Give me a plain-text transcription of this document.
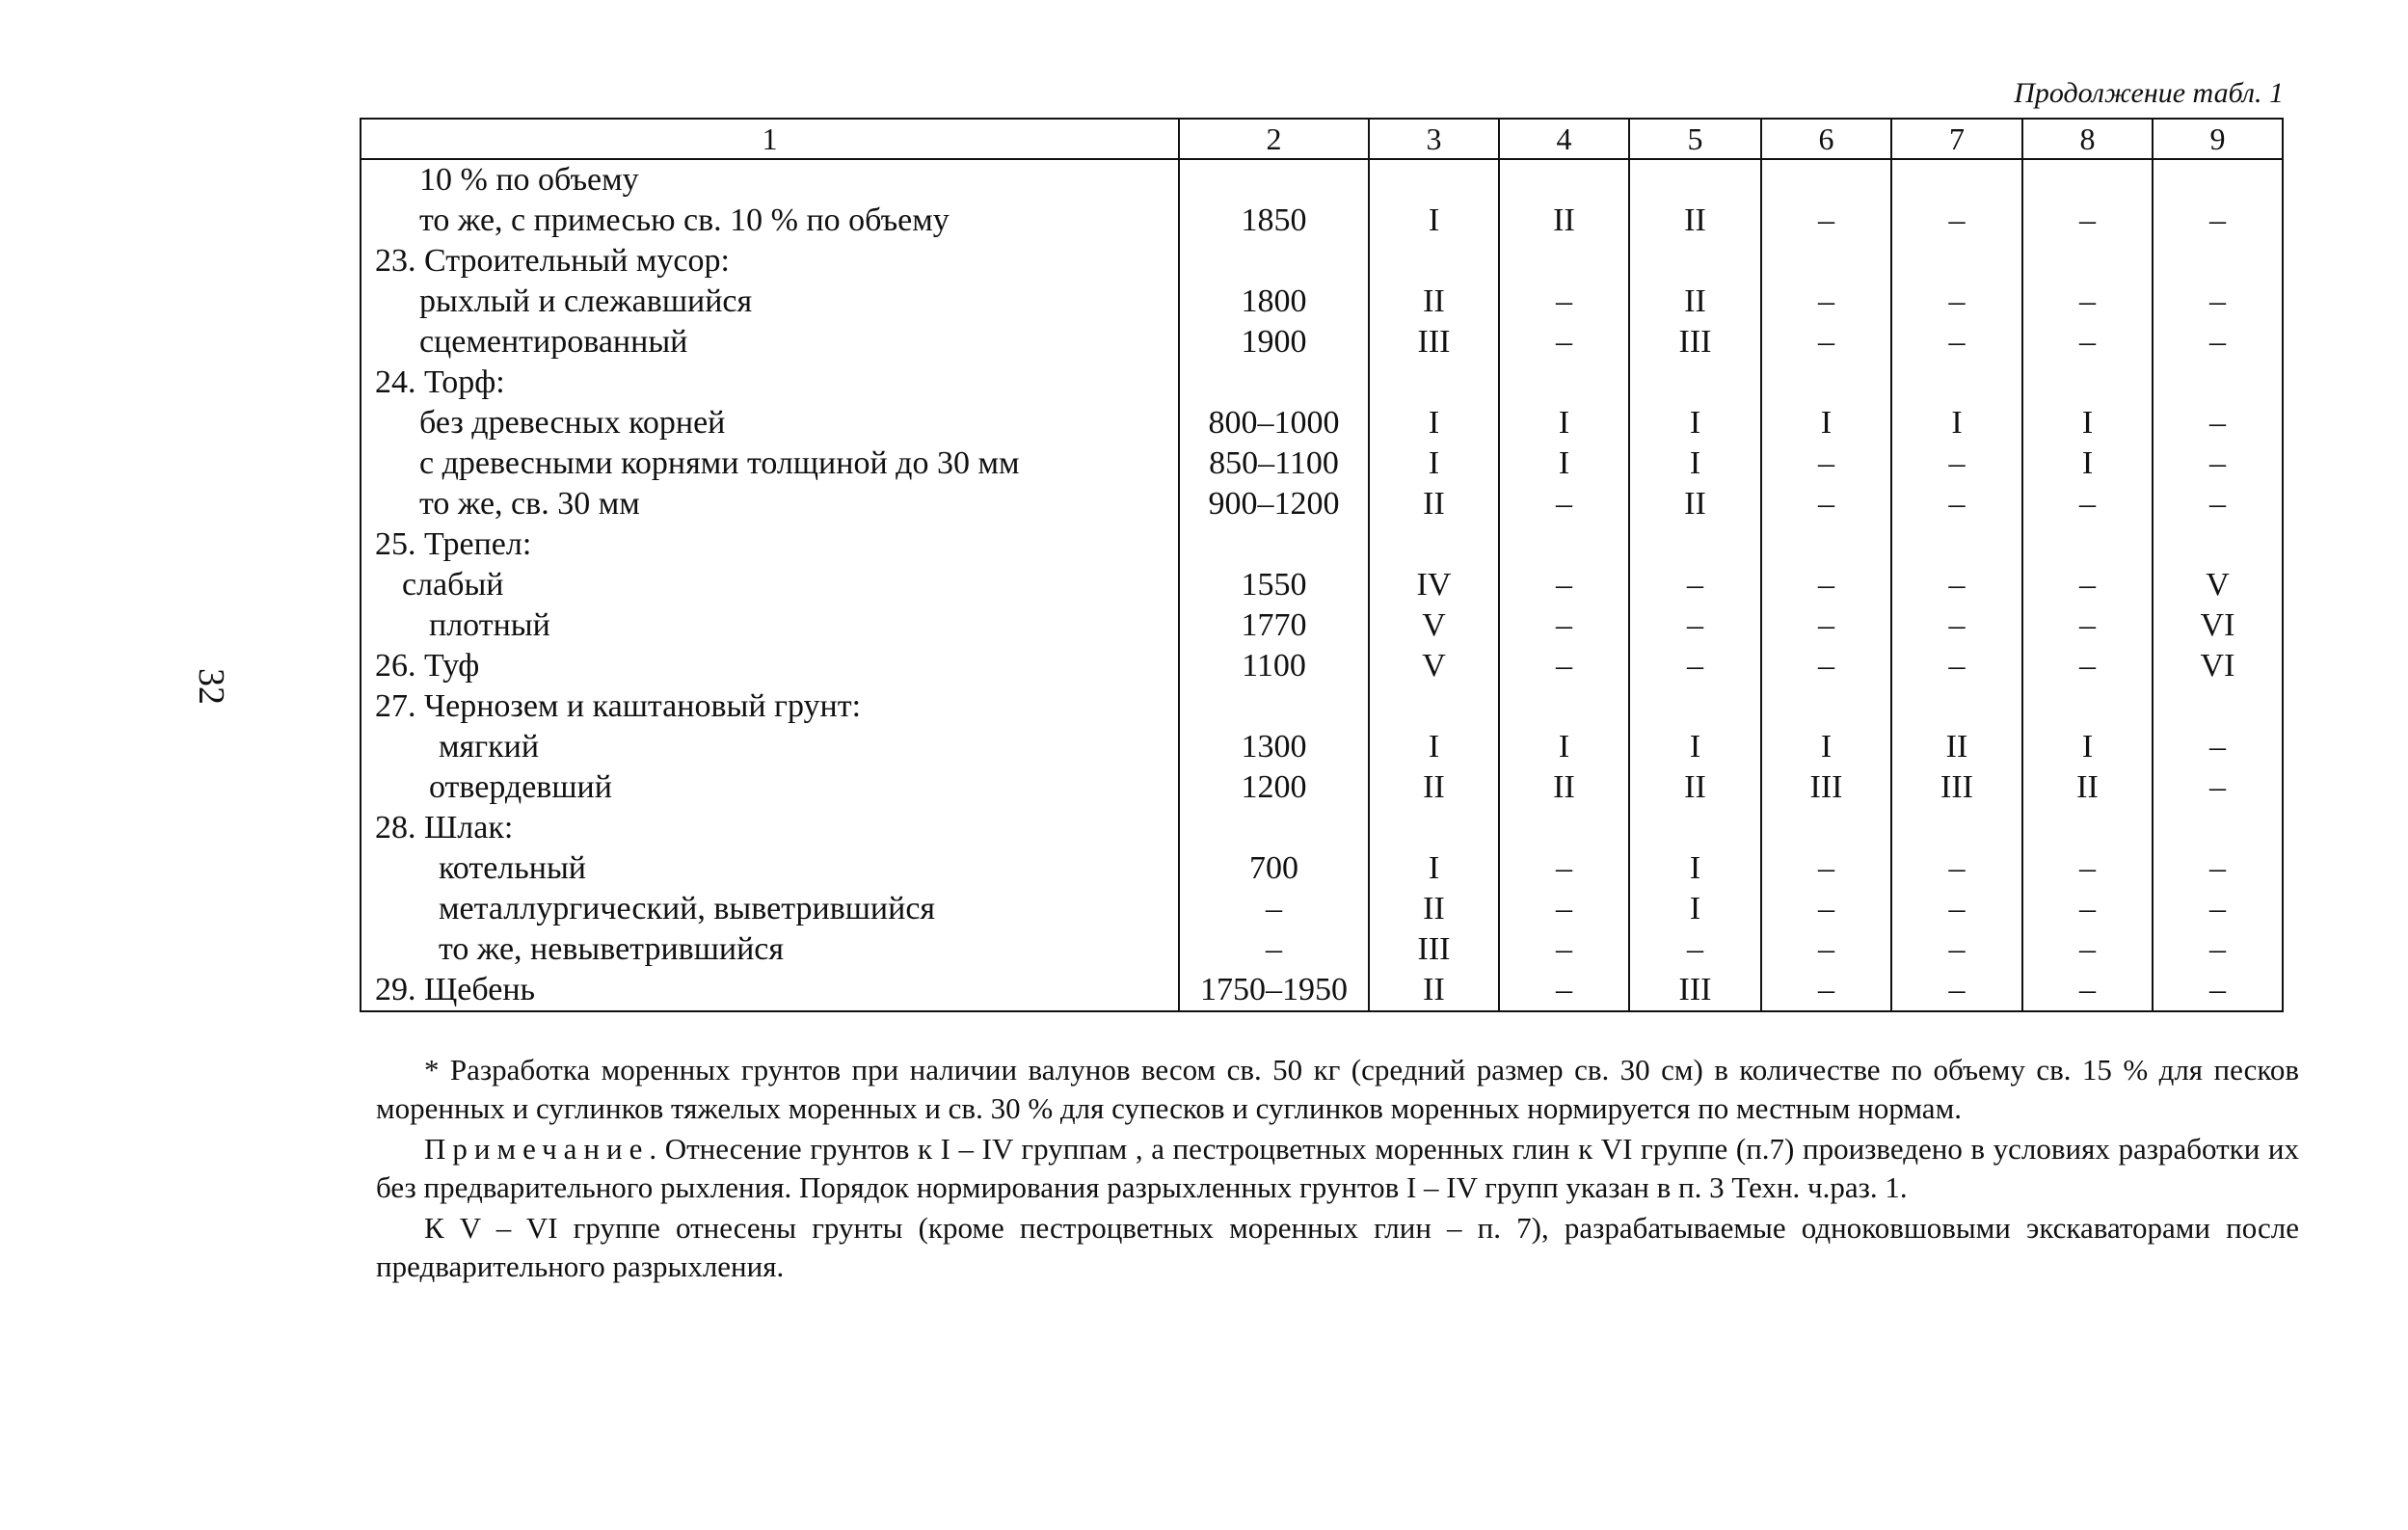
32
Продолжение табл. 1
1	2	3	4	5	6	7	8	9
10 % по объему								
то же, с примесью св. 10 % по объему	1850	I	II	II	–	–	–	–
23. Строительный мусор:								
рыхлый и слежавшийся	1800	II	–	II	–	–	–	–
сцементированный	1900	III	–	III	–	–	–	–
24. Торф:								
без древесных корней	800–1000	I	I	I	I	I	I	–
с древесными корнями толщиной до 30 мм	850–1100	I	I	I	–	–	I	–
то же, св. 30 мм	900–1200	II	–	II	–	–	–	–
25. Трепел:								
слабый	1550	IV	–	–	–	–	–	V
плотный	1770	V	–	–	–	–	–	VI
26. Туф	1100	V	–	–	–	–	–	VI
27. Чернозем и каштановый грунт:								
мягкий	1300	I	I	I	I	II	I	–
отвердевший	1200	II	II	II	III	III	II	–
28. Шлак:								
котельный	700	I	–	I	–	–	–	–
металлургический, выветрившийся	–	II	–	I	–	–	–	–
то же, невыветрившийся	–	III	–	–	–	–	–	–
29. Щебень	1750–1950	II	–	III	–	–	–	–

* Разработка моренных грунтов при наличии валунов весом св. 50 кг (средний размер св. 30 см) в количестве по объему св. 15 % для песков моренных и суглинков тяжелых моренных и св. 30 % для супесков и суглинков моренных нормируется по местным нормам.

Примечание. Отнесение грунтов к I – IV группам , а пестроцветных моренных глин к VI группе (п.7) произведено в условиях разработки их без предварительного рыхления. Порядок нормирования разрыхленных грунтов I – IV групп указан в п. 3 Техн. ч.раз. 1.

К V – VI группе отнесены грунты (кроме пестроцветных моренных глин – п. 7), разрабатываемые одноковшовыми экскаваторами после предварительного разрыхления.
